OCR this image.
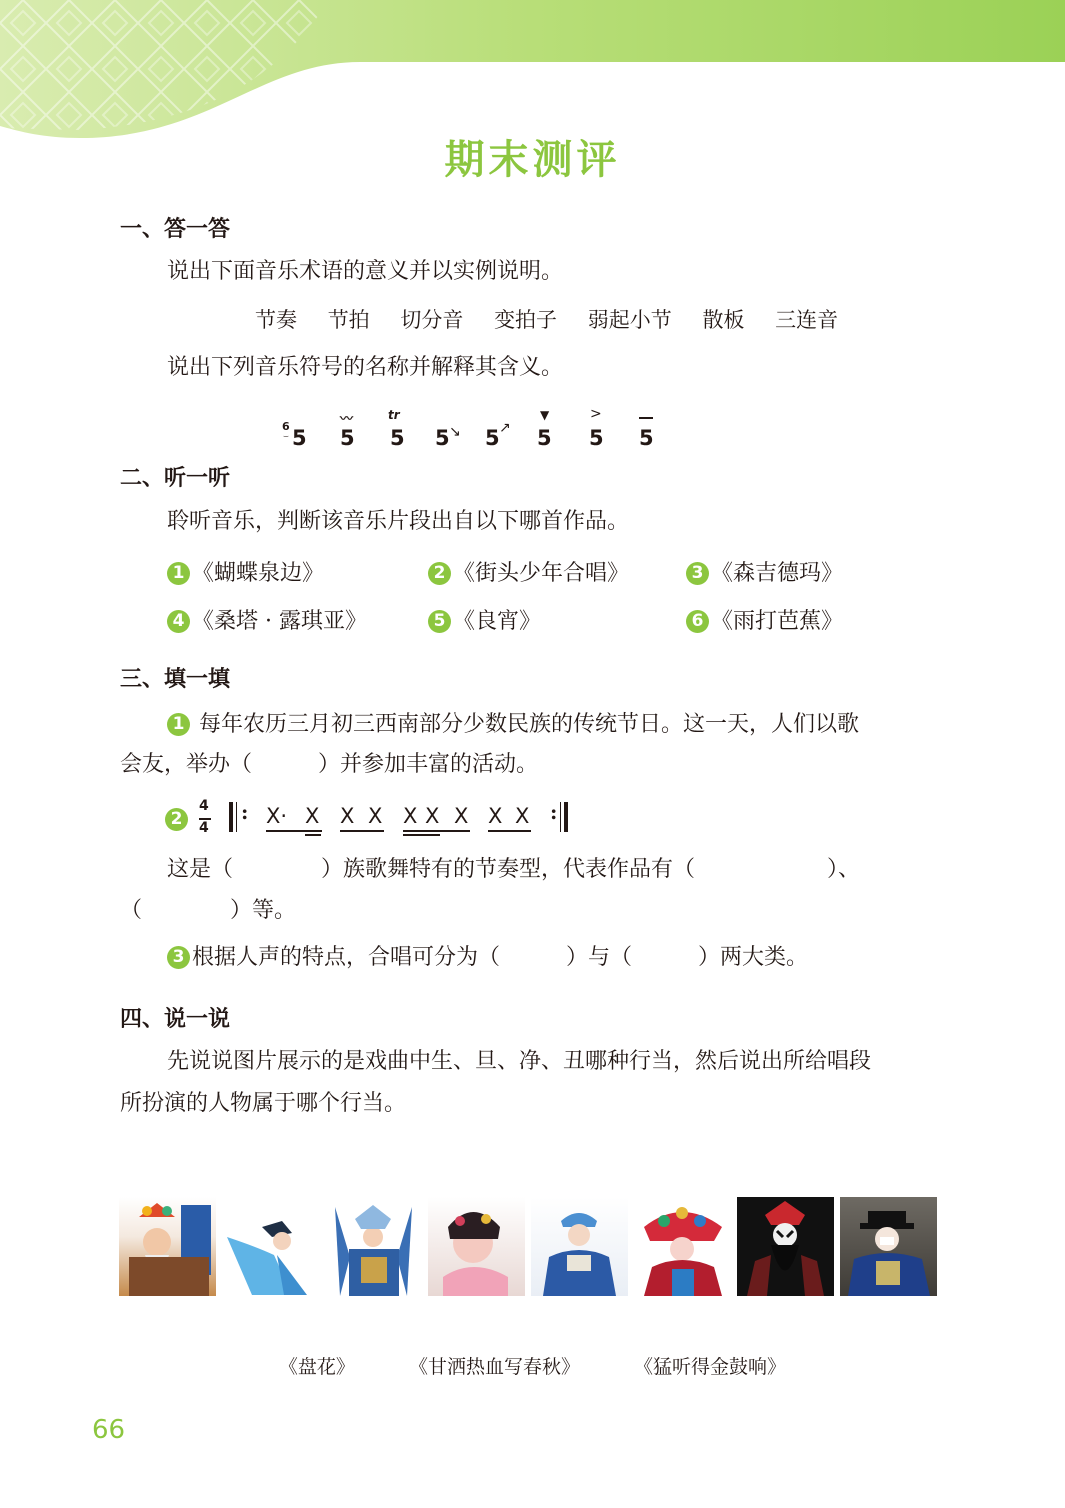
期末测评
一、答一答
说出下面音乐术语的意义并以实例说明。
节奏 节拍 切分音 变拍子 弱起小节 散板 三连音
说出下列音乐符号的名称并解释其含义。
6
⌣ 5
〰
5
tr
5 5 ↘ 5 ↗
▼
5
>
5 5
二、听一听
聆听音乐，判断该音乐片段出自以下哪首作品。
1 《蝴蝶泉边》	2 《街头少年合唱》	3 《森吉德玛》
4 《桑塔 · 露琪亚》	5 《良宵》	6 《雨打芭蕉》
三、填一填
1 每年农历三月初三西南部分少数民族的传统节日。这一天，人们以歌
会友，举办（　　　）并参加丰富的活动。
2
4
4
: X· X X X X X X X X :
这是（　　　　）族歌舞特有的节奏型，代表作品有（　　　　　　）、
（　　　　）等。
3 根据人声的特点，合唱可分为（　　　）与（　　　）两大类。
四、说一说
先说说图片展示的是戏曲中生、旦、净、丑哪种行当，然后说出所给唱段
所扮演的人物属于哪个行当。
《盘花》	《甘洒热血写春秋》	《猛听得金鼓响》
66
